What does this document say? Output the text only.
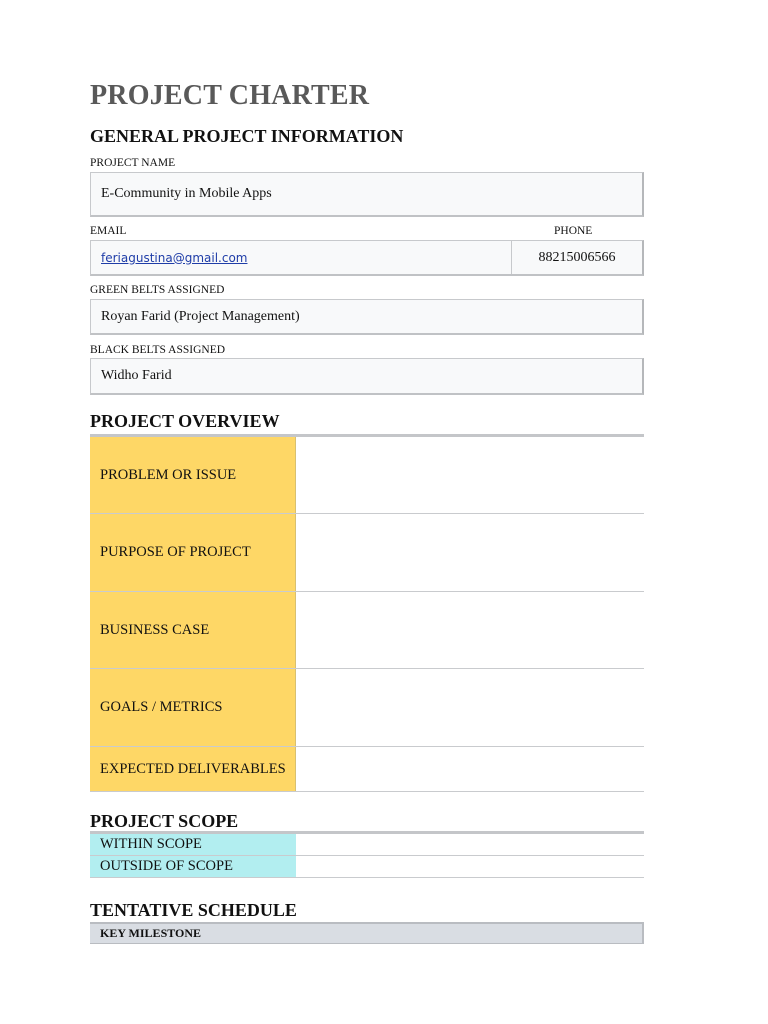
PROJECT CHARTER
GENERAL PROJECT INFORMATION
PROJECT NAME
E-Community in Mobile Apps
EMAIL	PHONE
feriagustina@gmail.com	88215006566
GREEN BELTS ASSIGNED
Royan Farid (Project Management)
BLACK BELTS ASSIGNED
Widho Farid
PROJECT OVERVIEW
PROBLEM OR ISSUE
PURPOSE OF PROJECT
BUSINESS CASE
GOALS / METRICS
EXPECTED DELIVERABLES
PROJECT SCOPE
WITHIN SCOPE
OUTSIDE OF SCOPE
TENTATIVE SCHEDULE
KEY MILESTONE
